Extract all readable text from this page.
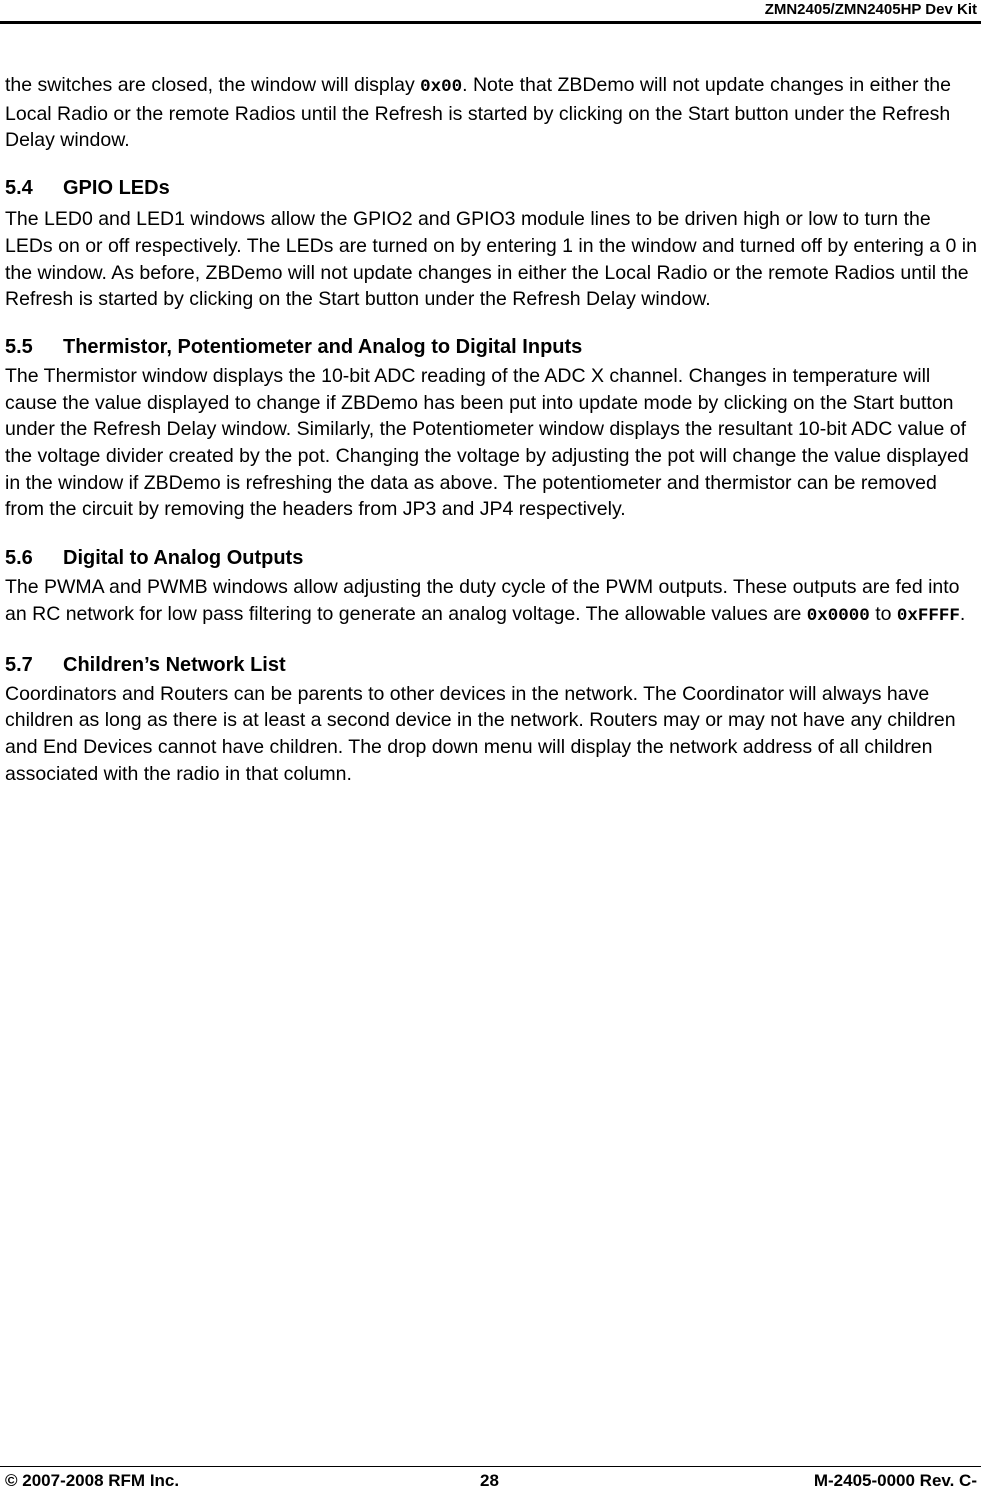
ZMN2405/ZMN2405HP Dev Kit

the switches are closed, the window will display 0x00. Note that ZBDemo will not update changes in either the Local Radio or the remote Radios until the Refresh is started by clicking on the Start button under the Refresh Delay window.

5.4 GPIO LEDs

The LED0 and LED1 windows allow the GPIO2 and GPIO3 module lines to be driven high or low to turn the LEDs on or off respectively. The LEDs are turned on by entering 1 in the window and turned off by entering a 0 in the window. As before, ZBDemo will not update changes in either the Local Radio or the remote Radios until the Refresh is started by clicking on the Start button under the Refresh Delay window.

5.5 Thermistor, Potentiometer and Analog to Digital Inputs

The Thermistor window displays the 10-bit ADC reading of the ADC X channel. Changes in temperature will cause the value displayed to change if ZBDemo has been put into update mode by clicking on the Start button under the Refresh Delay window. Similarly, the Potentiometer window displays the resultant 10-bit ADC value of the voltage divider created by the pot. Changing the voltage by adjusting the pot will change the value displayed in the window if ZBDemo is refreshing the data as above. The potentiometer and thermistor can be removed from the circuit by removing the headers from JP3 and JP4 respectively.

5.6 Digital to Analog Outputs

The PWMA and PWMB windows allow adjusting the duty cycle of the PWM outputs. These outputs are fed into an RC network for low pass filtering to generate an analog voltage. The allowable values are 0x0000 to 0xFFFF.

5.7 Children’s Network List

Coordinators and Routers can be parents to other devices in the network. The Coordinator will always have children as long as there is at least a second device in the network. Routers may or may not have any children and End Devices cannot have children. The drop down menu will display the network address of all children associated with the radio in that column.

© 2007-2008 RFM Inc.	28	M-2405-0000 Rev. C-
